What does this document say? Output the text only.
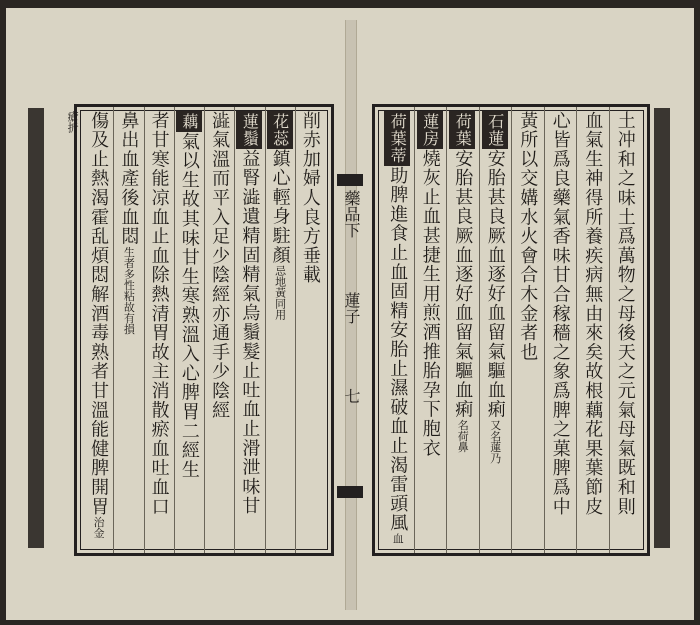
削赤加婦人良方垂載
花蕊鎮心輕身駐顏忌地黃同用
蓮鬚益腎澁遺精固精氣烏鬚髮止吐血止滑泄味甘
澁氣溫而平入足少陰經亦通手少陰經
藕氣以生故其味甘生寒熟溫入心脾胃二經生
者甘寒能凉血止血除熱清胃故主消散瘀血吐血口
鼻出血產後血悶生者多性粘故有損
傷及止熱渴霍乱煩悶解酒毒熟者甘溫能健脾開胃治金瘡折	土冲和之味土爲萬物之母後天之元氣母氣既和則
血氣生神得所養疾病無由來矣故根藕花果葉節皮
心皆爲良藥氣香味甘合稼穡之象爲脾之菓脾爲中
黃所以交媾水火會合木金者也
石蓮安胎甚良厥血逐好血留氣驅血痢又名蓮乃
荷葉安胎甚良厥血逐好血留氣驅血痢名荷鼻
蓮房燒灰止血甚捷生用煎酒推胎孕下胞衣
荷葉蒂助脾進食止血固精安胎止濕破血止渴雷頭風血
藥品下
蓮子
七
